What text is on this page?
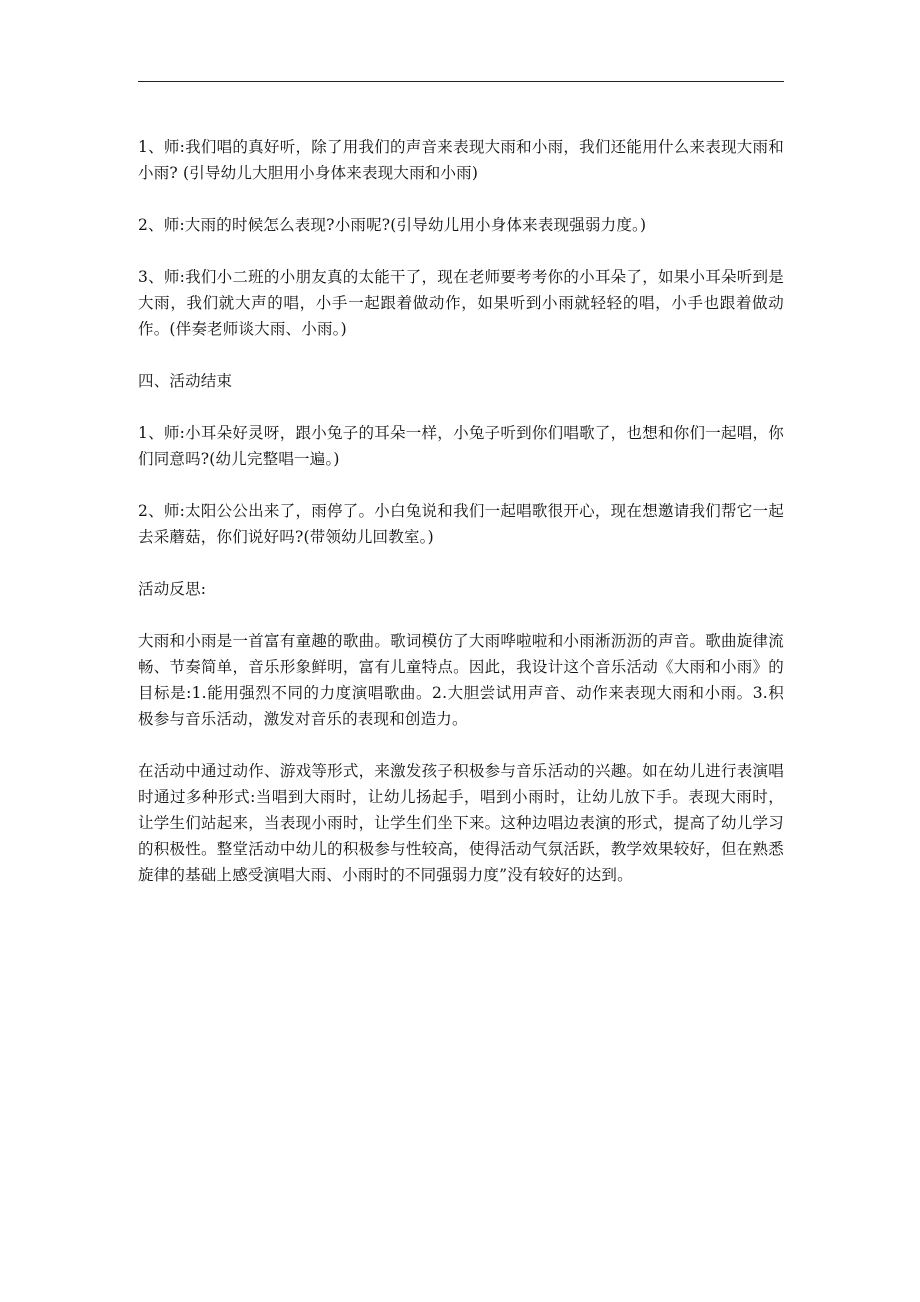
1、师:我们唱的真好听，除了用我们的声音来表现大雨和小雨，我们还能用什么来表现大雨和小雨? (引导幼儿大胆用小身体来表现大雨和小雨)

2、师:大雨的时候怎么表现?小雨呢?(引导幼儿用小身体来表现强弱力度。)

3、师:我们小二班的小朋友真的太能干了，现在老师要考考你的小耳朵了，如果小耳朵听到是大雨，我们就大声的唱，小手一起跟着做动作，如果听到小雨就轻轻的唱，小手也跟着做动作。(伴奏老师谈大雨、小雨。)

四、活动结束

1、师:小耳朵好灵呀，跟小兔子的耳朵一样，小兔子听到你们唱歌了，也想和你们一起唱，你们同意吗?(幼儿完整唱一遍。)

2、师:太阳公公出来了，雨停了。小白兔说和我们一起唱歌很开心，现在想邀请我们帮它一起去采蘑菇，你们说好吗?(带领幼儿回教室。)

活动反思:

大雨和小雨是一首富有童趣的歌曲。歌词模仿了大雨哗啦啦和小雨淅沥沥的声音。歌曲旋律流畅、节奏简单，音乐形象鲜明，富有儿童特点。因此，我设计这个音乐活动《大雨和小雨》的目标是:1.能用强烈不同的力度演唱歌曲。2.大胆尝试用声音、动作来表现大雨和小雨。3.积极参与音乐活动，激发对音乐的表现和创造力。

在活动中通过动作、游戏等形式，来激发孩子积极参与音乐活动的兴趣。如在幼儿进行表演唱时通过多种形式:当唱到大雨时，让幼儿扬起手，唱到小雨时，让幼儿放下手。表现大雨时，让学生们站起来，当表现小雨时，让学生们坐下来。这种边唱边表演的形式，提高了幼儿学习的积极性。整堂活动中幼儿的积极参与性较高，使得活动气氛活跃，教学效果较好，但在熟悉旋律的基础上感受演唱大雨、小雨时的不同强弱力度”没有较好的达到。
